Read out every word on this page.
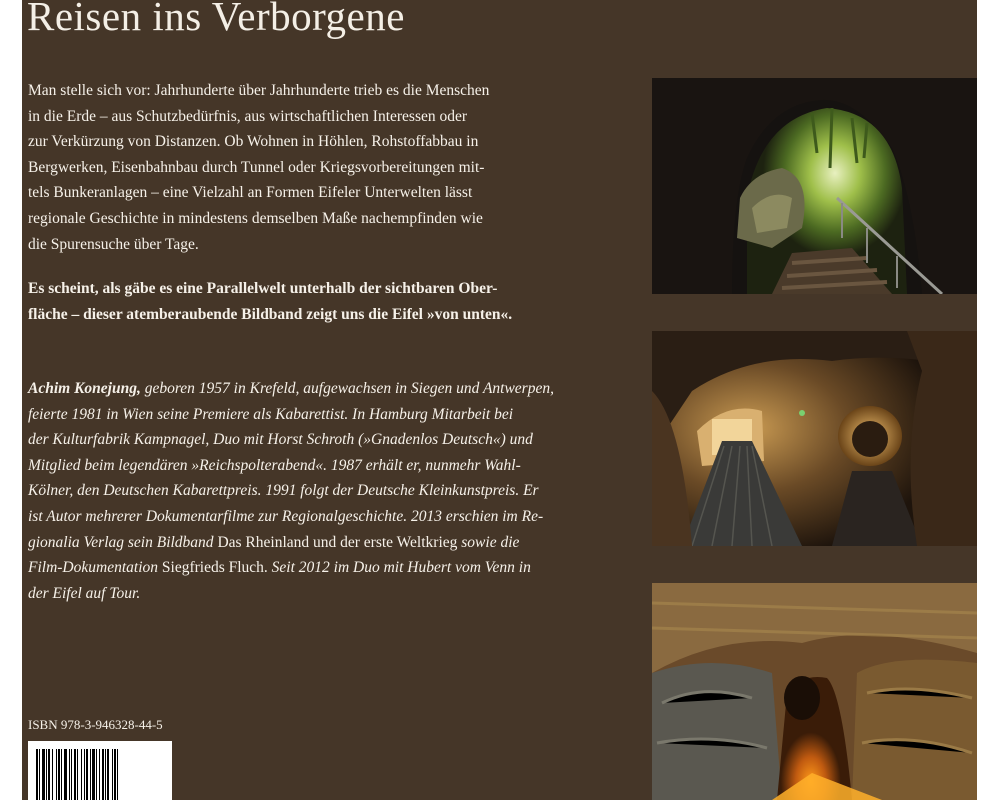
Reisen ins Verborgene

Man stelle sich vor: Jahrhunderte über Jahrhunderte trieb es die Menschen
in die Erde – aus Schutzbedürfnis, aus wirtschaftlichen Interessen oder
zur Verkürzung von Distanzen. Ob Wohnen in Höhlen, Rohstoffabbau in
Bergwerken, Eisenbahnbau durch Tunnel oder Kriegsvorbereitungen mit-
tels Bunkeranlagen – eine Vielzahl an Formen Eifeler Unterwelten lässt
regionale Geschichte in mindestens demselben Maße nachempfinden wie
die Spurensuche über Tage.

Es scheint, als gäbe es eine Parallelwelt unterhalb der sichtbaren Ober-
fläche – dieser atemberaubende Bildband zeigt uns die Eifel »von unten«.

Achim Konejung, geboren 1957 in Krefeld, aufgewachsen in Siegen und Antwerpen,
feierte 1981 in Wien seine Premiere als Kabarettist. In Hamburg Mitarbeit bei
der Kulturfabrik Kampnagel, Duo mit Horst Schroth (»Gnadenlos Deutsch«) und
Mitglied beim legendären »Reichspolterabend«. 1987 erhält er, nunmehr Wahl-
Kölner, den Deutschen Kabarettpreis. 1991 folgt der Deutsche Kleinkunstpreis. Er
ist Autor mehrerer Dokumentarfilme zur Regionalgeschichte. 2013 erschien im Re-
gionalia Verlag sein Bildband Das Rheinland und der erste Weltkrieg sowie die
Film-Dokumentation Siegfrieds Fluch. Seit 2012 im Duo mit Hubert vom Venn in
der Eifel auf Tour.

ISBN 978-3-946328-44-5
